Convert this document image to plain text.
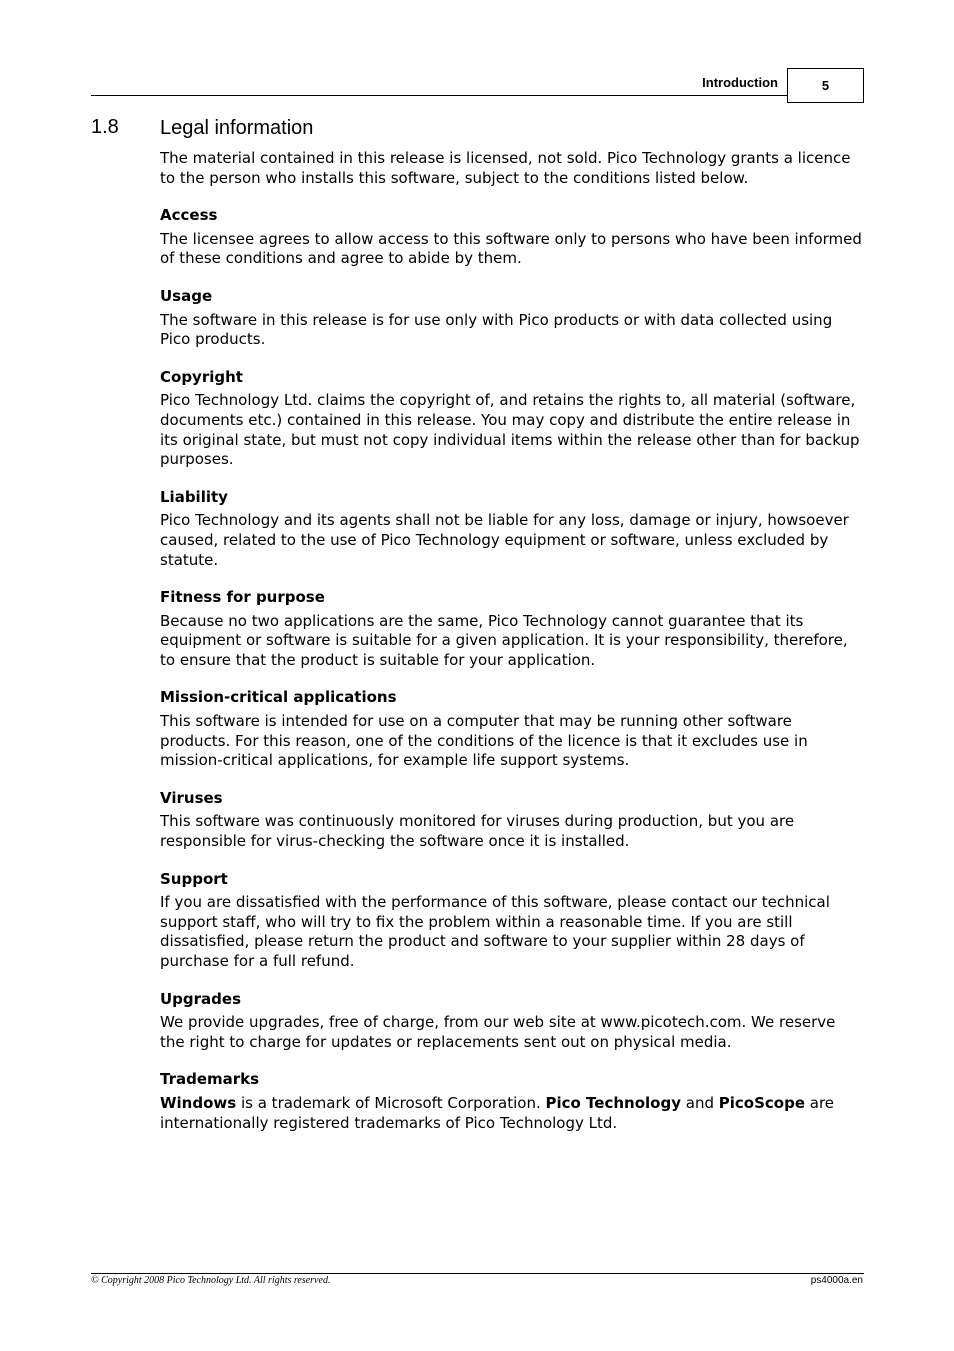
Introduction	5
1.8 Legal information

The material contained in this release is licensed, not sold. Pico Technology grants a licence to the person who installs this software, subject to the conditions listed below.

Access

The licensee agrees to allow access to this software only to persons who have been informed of these conditions and agree to abide by them.

Usage

The software in this release is for use only with Pico products or with data collected using Pico products.

Copyright

Pico Technology Ltd. claims the copyright of, and retains the rights to, all material (software, documents etc.) contained in this release. You may copy and distribute the entire release in its original state, but must not copy individual items within the release other than for backup purposes.

Liability

Pico Technology and its agents shall not be liable for any loss, damage or injury, howsoever caused, related to the use of Pico Technology equipment or software, unless excluded by statute.

Fitness for purpose

Because no two applications are the same, Pico Technology cannot guarantee that its equipment or software is suitable for a given application. It is your responsibility, therefore, to ensure that the product is suitable for your application.

Mission-critical applications

This software is intended for use on a computer that may be running other software products. For this reason, one of the conditions of the licence is that it excludes use in mission-critical applications, for example life support systems.

Viruses

This software was continuously monitored for viruses during production, but you are responsible for virus-checking the software once it is installed.

Support

If you are dissatisfied with the performance of this software, please contact our technical support staff, who will try to fix the problem within a reasonable time. If you are still dissatisfied, please return the product and software to your supplier within 28 days of purchase for a full refund.

Upgrades

We provide upgrades, free of charge, from our web site at www.picotech.com. We reserve the right to charge for updates or replacements sent out on physical media.

Trademarks

Windows is a trademark of Microsoft Corporation. Pico Technology and PicoScope are internationally registered trademarks of Pico Technology Ltd.

© Copyright 2008 Pico Technology Ltd. All rights reserved.	ps4000a.en
